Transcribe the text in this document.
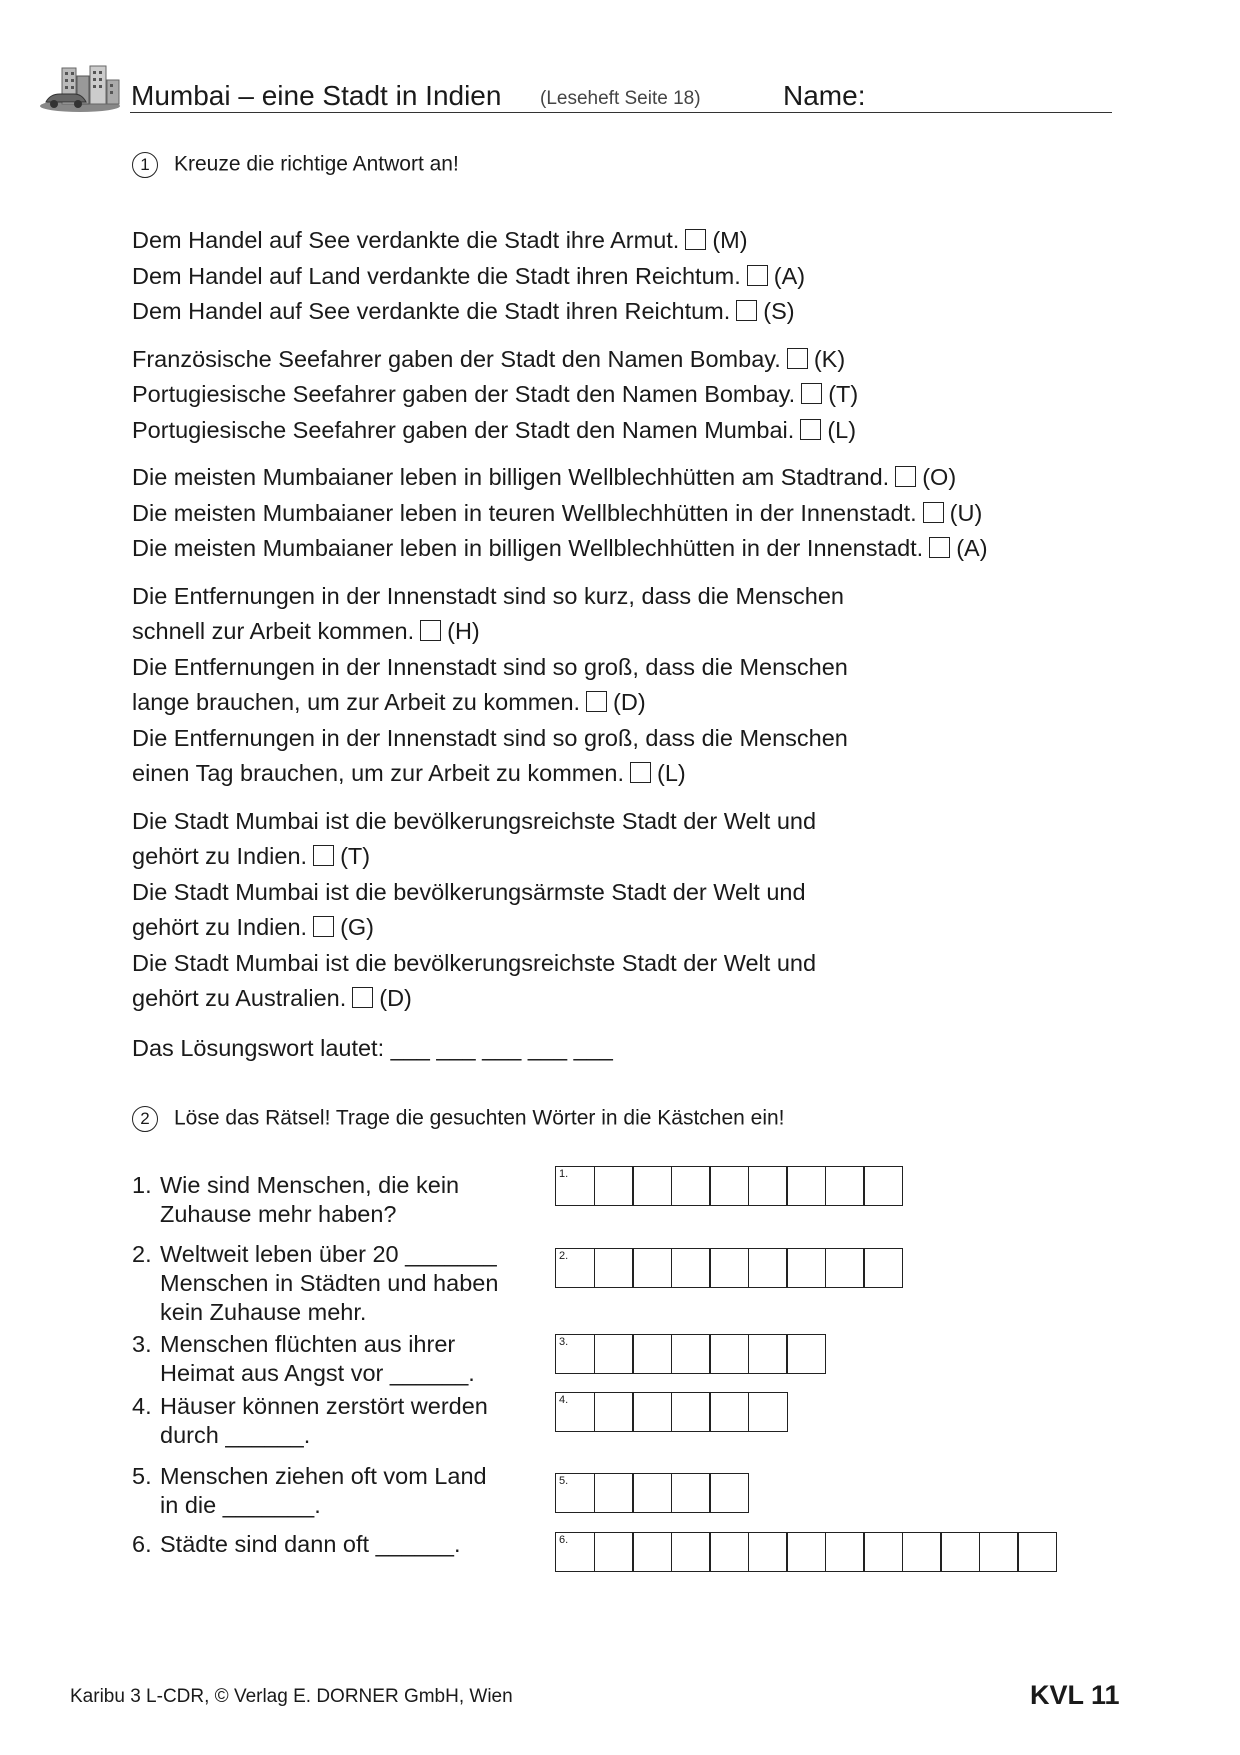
Mumbai – eine Stadt in Indien (Leseheft Seite 18)	Name:
1 Kreuze die richtige Antwort an!
Dem Handel auf See verdankte die Stadt ihre Armut. (M)
Dem Handel auf Land verdankte die Stadt ihren Reichtum. (A)
Dem Handel auf See verdankte die Stadt ihren Reichtum. (S)
Französische Seefahrer gaben der Stadt den Namen Bombay. (K)
Portugiesische Seefahrer gaben der Stadt den Namen Bombay. (T)
Portugiesische Seefahrer gaben der Stadt den Namen Mumbai. (L)
Die meisten Mumbaianer leben in billigen Wellblechhütten am Stadtrand. (O)
Die meisten Mumbaianer leben in teuren Wellblechhütten in der Innenstadt. (U)
Die meisten Mumbaianer leben in billigen Wellblechhütten in der Innenstadt. (A)
Die Entfernungen in der Innenstadt sind so kurz, dass die Menschen
schnell zur Arbeit kommen. (H)
Die Entfernungen in der Innenstadt sind so groß, dass die Menschen
lange brauchen, um zur Arbeit zu kommen. (D)
Die Entfernungen in der Innenstadt sind so groß, dass die Menschen
einen Tag brauchen, um zur Arbeit zu kommen. (L)
Die Stadt Mumbai ist die bevölkerungsreichste Stadt der Welt und
gehört zu Indien. (T)
Die Stadt Mumbai ist die bevölkerungsärmste Stadt der Welt und
gehört zu Indien. (G)
Die Stadt Mumbai ist die bevölkerungsreichste Stadt der Welt und
gehört zu Australien. (D)
Das Lösungswort lautet: ___ ___ ___ ___ ___
2 Löse das Rätsel! Trage die gesuchten Wörter in die Kästchen ein!
1. Wie sind Menschen, die kein
Zuhause mehr haben?
1.
2. Weltweit leben über 20 _______
Menschen in Städten und haben
kein Zuhause mehr.
2.
3. Menschen flüchten aus ihrer
Heimat aus Angst vor ______.
3.
4. Häuser können zerstört werden
durch ______.
4.
5. Menschen ziehen oft vom Land
in die _______.
5.
6. Städte sind dann oft ______.	6.
Karibu 3 L-CDR, © Verlag E. DORNER GmbH, Wien	KVL 11
